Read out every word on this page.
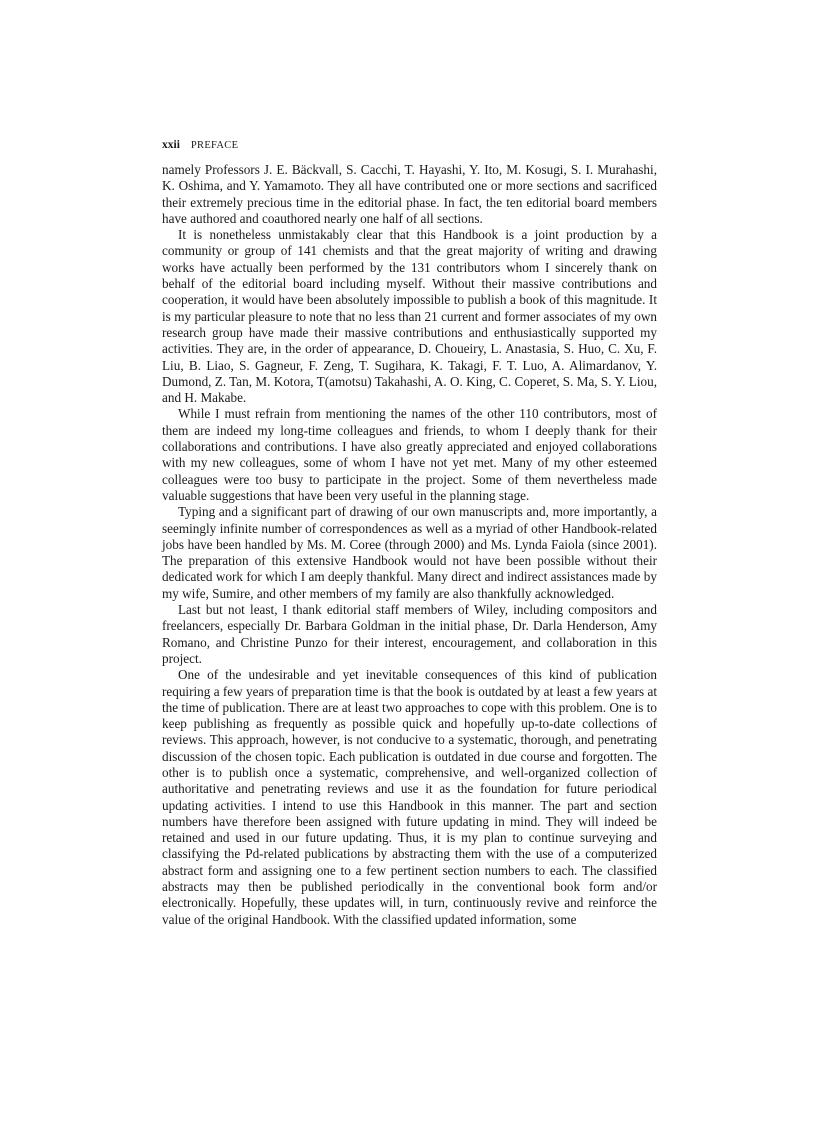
xxii PREFACE

namely Professors J. E. Bäckvall, S. Cacchi, T. Hayashi, Y. Ito, M. Kosugi, S. I. Murahashi, K. Oshima, and Y. Yamamoto. They all have contributed one or more sections and sacrificed their extremely precious time in the editorial phase. In fact, the ten editorial board members have authored and coauthored nearly one half of all sections.

It is nonetheless unmistakably clear that this Handbook is a joint production by a community or group of 141 chemists and that the great majority of writing and drawing works have actually been performed by the 131 contributors whom I sincerely thank on behalf of the editorial board including myself. Without their massive contributions and cooperation, it would have been absolutely impossible to publish a book of this magnitude. It is my particular pleasure to note that no less than 21 current and former associates of my own research group have made their massive contributions and enthusiastically supported my activities. They are, in the order of appearance, D. Choueiry, L. Anastasia, S. Huo, C. Xu, F. Liu, B. Liao, S. Gagneur, F. Zeng, T. Sugihara, K. Takagi, F. T. Luo, A. Alimardanov, Y. Dumond, Z. Tan, M. Kotora, T(amotsu) Takahashi, A. O. King, C. Coperet, S. Ma, S. Y. Liou, and H. Makabe.

While I must refrain from mentioning the names of the other 110 contributors, most of them are indeed my long-time colleagues and friends, to whom I deeply thank for their collaborations and contributions. I have also greatly appreciated and enjoyed collaborations with my new colleagues, some of whom I have not yet met. Many of my other esteemed colleagues were too busy to participate in the project. Some of them nevertheless made valuable suggestions that have been very useful in the planning stage.

Typing and a significant part of drawing of our own manuscripts and, more importantly, a seemingly infinite number of correspondences as well as a myriad of other Handbook-related jobs have been handled by Ms. M. Coree (through 2000) and Ms. Lynda Faiola (since 2001). The preparation of this extensive Handbook would not have been possible without their dedicated work for which I am deeply thankful. Many direct and indirect assistances made by my wife, Sumire, and other members of my family are also thankfully acknowledged.

Last but not least, I thank editorial staff members of Wiley, including compositors and freelancers, especially Dr. Barbara Goldman in the initial phase, Dr. Darla Henderson, Amy Romano, and Christine Punzo for their interest, encouragement, and collaboration in this project.

One of the undesirable and yet inevitable consequences of this kind of publication requiring a few years of preparation time is that the book is outdated by at least a few years at the time of publication. There are at least two approaches to cope with this problem. One is to keep publishing as frequently as possible quick and hopefully up-to-date collections of reviews. This approach, however, is not conducive to a systematic, thorough, and penetrating discussion of the chosen topic. Each publication is outdated in due course and forgotten. The other is to publish once a systematic, comprehensive, and well-organized collection of authoritative and penetrating reviews and use it as the foundation for future periodical updating activities. I intend to use this Handbook in this manner. The part and section numbers have therefore been assigned with future updating in mind. They will indeed be retained and used in our future updating. Thus, it is my plan to continue surveying and classifying the Pd-related publications by abstracting them with the use of a computerized abstract form and assigning one to a few pertinent section numbers to each. The classified abstracts may then be published periodically in the conventional book form and/or electronically. Hopefully, these updates will, in turn, continuously revive and reinforce the value of the original Handbook. With the classified updated information, some
